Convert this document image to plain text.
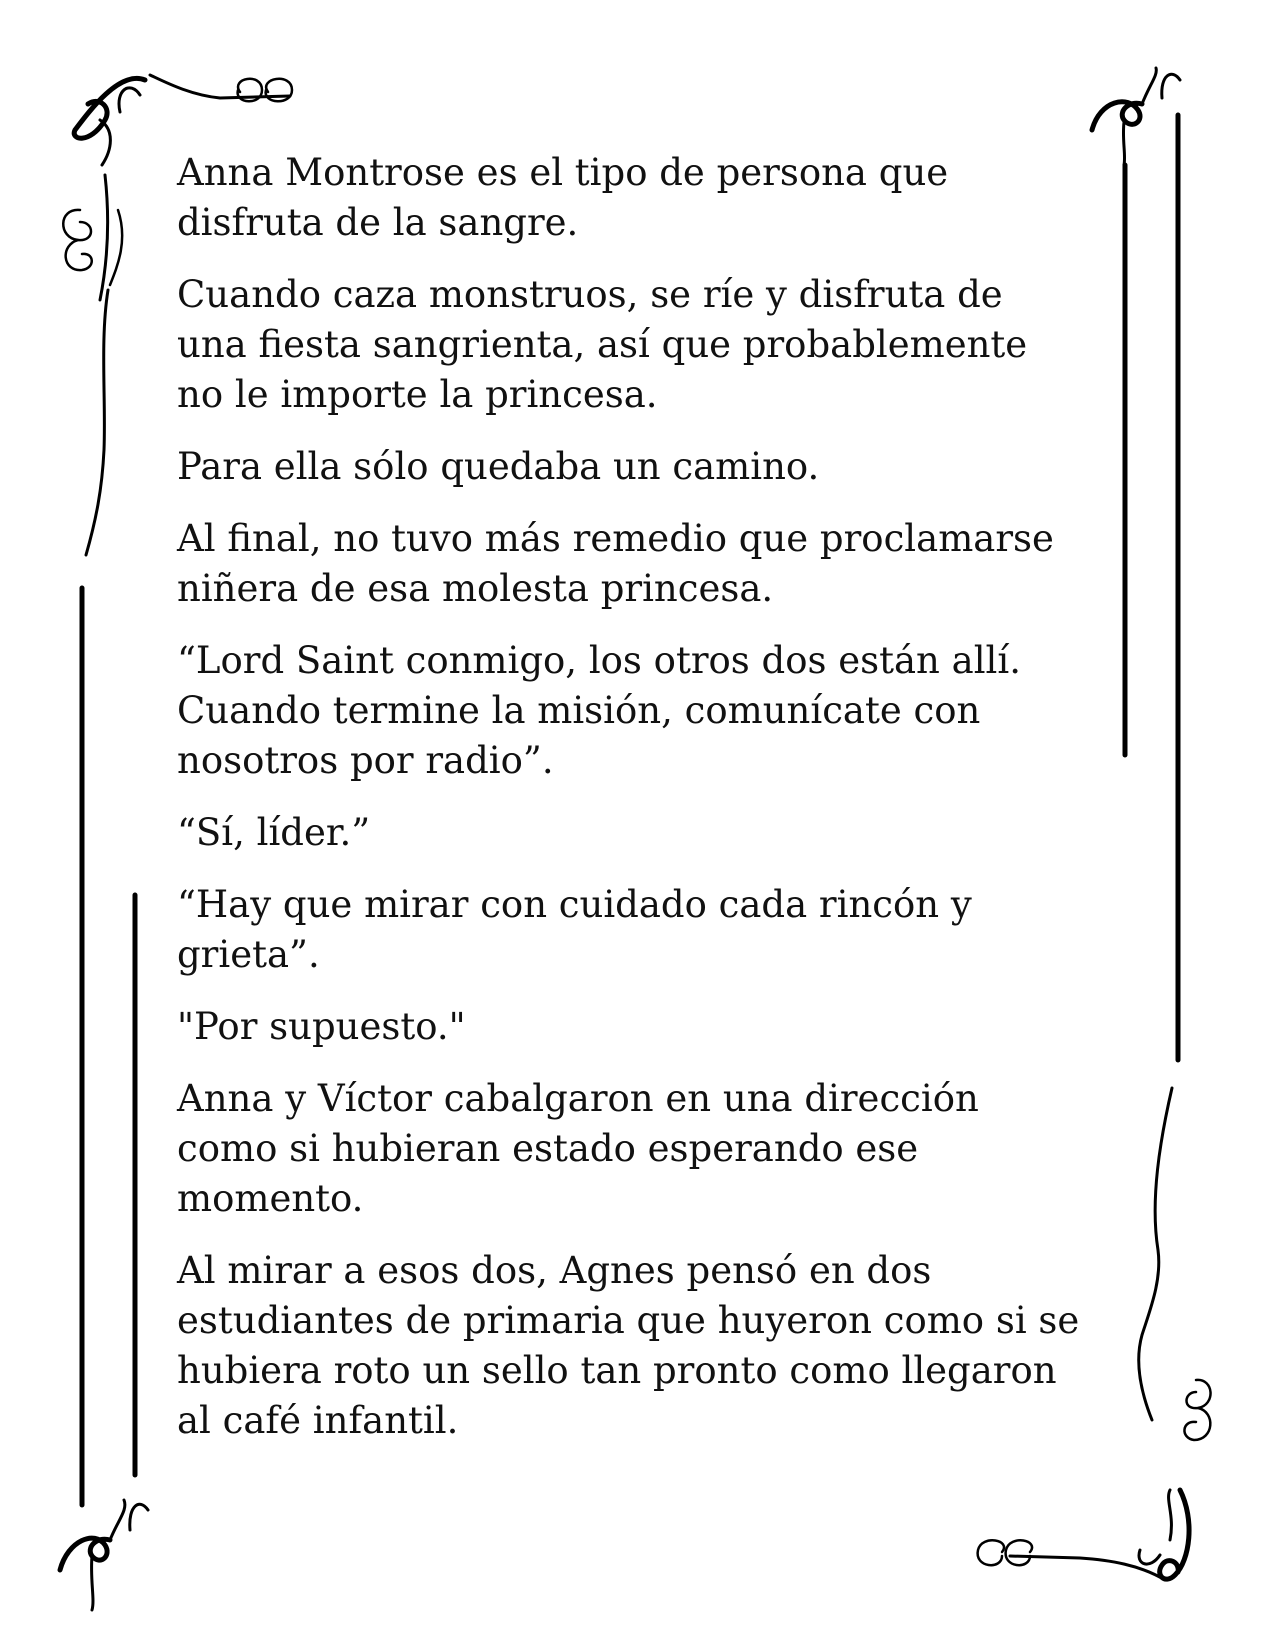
Anna Montrose es el tipo de persona que
disfruta de la sangre.

Cuando caza monstruos, se ríe y disfruta de
una fiesta sangrienta, así que probablemente
no le importe la princesa.

Para ella sólo quedaba un camino.

Al final, no tuvo más remedio que proclamarse
niñera de esa molesta princesa.

“Lord Saint conmigo, los otros dos están allí.
Cuando termine la misión, comunícate con
nosotros por radio”.

“Sí, líder.”

“Hay que mirar con cuidado cada rincón y
grieta”.

"Por supuesto."

Anna y Víctor cabalgaron en una dirección
como si hubieran estado esperando ese
momento.

Al mirar a esos dos, Agnes pensó en dos
estudiantes de primaria que huyeron como si se
hubiera roto un sello tan pronto como llegaron
al café infantil.
